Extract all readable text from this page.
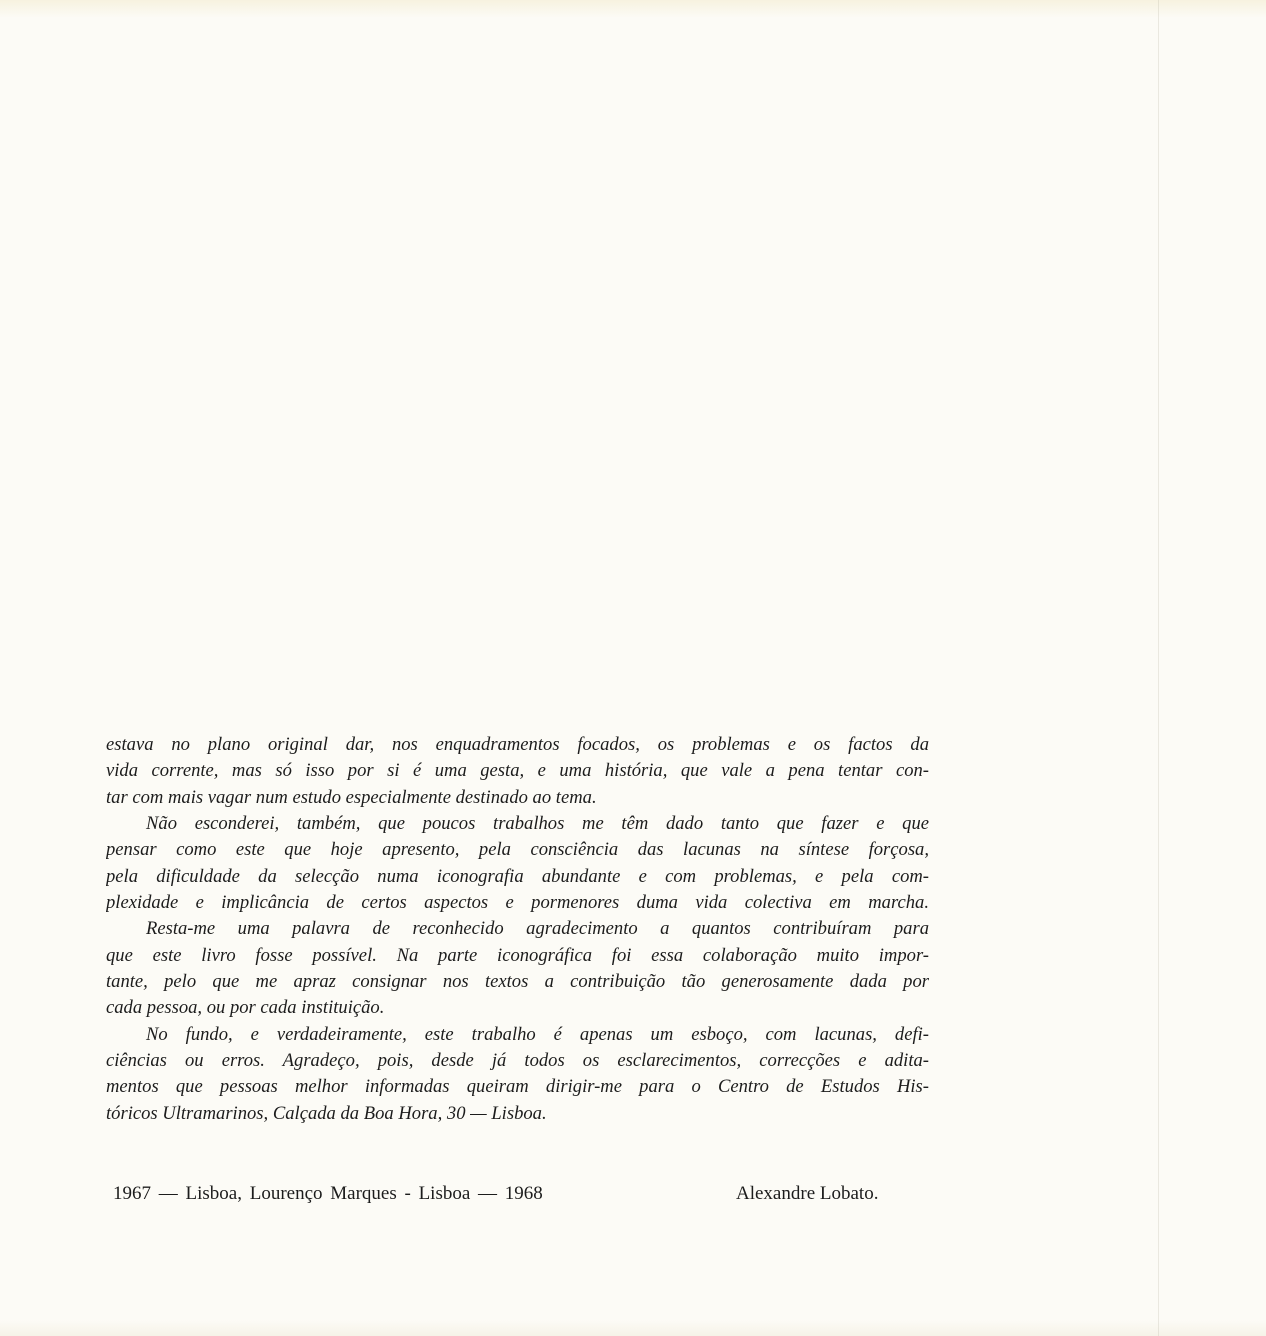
estava no plano original dar, nos enquadramentos focados, os problemas e os factos da
vida corrente, mas só isso por si é uma gesta, e uma história, que vale a pena tentar con-
tar com mais vagar num estudo especialmente destinado ao tema.
Não esconderei, também, que poucos trabalhos me têm dado tanto que fazer e que
pensar como este que hoje apresento, pela consciência das lacunas na síntese forçosa,
pela dificuldade da selecção numa iconografia abundante e com problemas, e pela com-
plexidade e implicância de certos aspectos e pormenores duma vida colectiva em marcha.
Resta-me uma palavra de reconhecido agradecimento a quantos contribuíram para
que este livro fosse possível. Na parte iconográfica foi essa colaboração muito impor-
tante, pelo que me apraz consignar nos textos a contribuição tão generosamente dada por
cada pessoa, ou por cada instituição.
No fundo, e verdadeiramente, este trabalho é apenas um esboço, com lacunas, defi-
ciências ou erros. Agradeço, pois, desde já todos os esclarecimentos, correcções e adita-
mentos que pessoas melhor informadas queiram dirigir-me para o Centro de Estudos His-
tóricos Ultramarinos, Calçada da Boa Hora, 30 — Lisboa.
1967 — Lisboa, Lourenço Marques - Lisboa — 1968	Alexandre Lobato.
